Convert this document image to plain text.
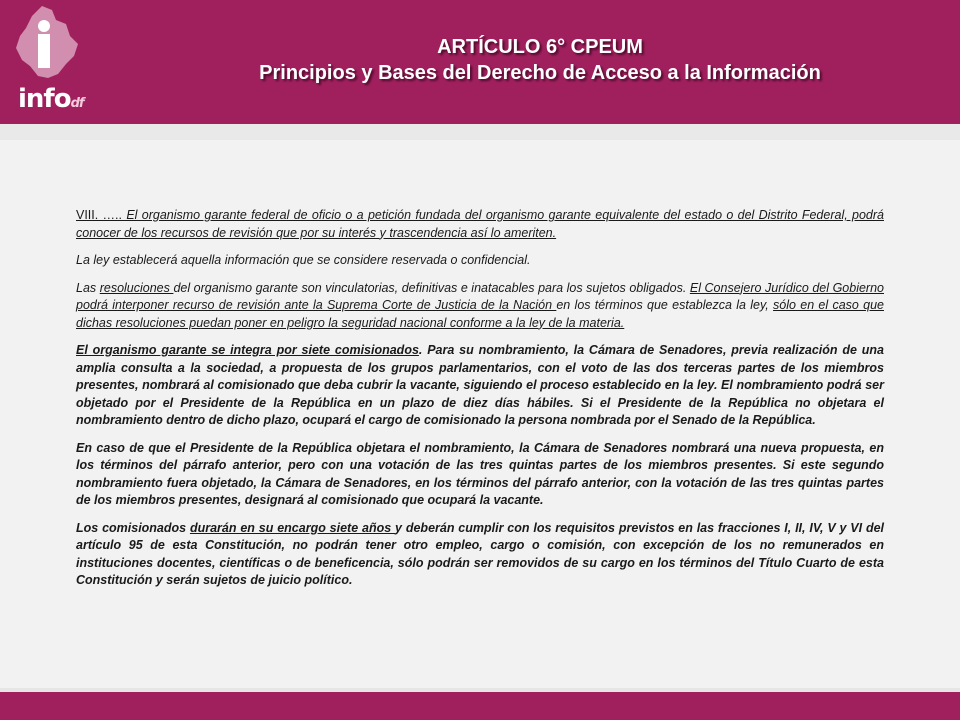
infodf
ARTÍCULO 6° CPEUM
Principios y Bases del Derecho de Acceso a la Información

VIII. ….. El organismo garante federal de oficio o a petición fundada del organismo garante equivalente del estado o del Distrito Federal, podrá conocer de los recursos de revisión que por su interés y trascendencia así lo ameriten.

La ley establecerá aquella información que se considere reservada o confidencial.

Las resoluciones del organismo garante son vinculatorias, definitivas e inatacables para los sujetos obligados. El Consejero Jurídico del Gobierno podrá interponer recurso de revisión ante la Suprema Corte de Justicia de la Nación en los términos que establezca la ley, sólo en el caso que dichas resoluciones puedan poner en peligro la seguridad nacional conforme a la ley de la materia.

El organismo garante se integra por siete comisionados. Para su nombramiento, la Cámara de Senadores, previa realización de una amplia consulta a la sociedad, a propuesta de los grupos parlamentarios, con el voto de las dos terceras partes de los miembros presentes, nombrará al comisionado que deba cubrir la vacante, siguiendo el proceso establecido en la ley. El nombramiento podrá ser objetado por el Presidente de la República en un plazo de diez días hábiles. Si el Presidente de la República no objetara el nombramiento dentro de dicho plazo, ocupará el cargo de comisionado la persona nombrada por el Senado de la República.

En caso de que el Presidente de la República objetara el nombramiento, la Cámara de Senadores nombrará una nueva propuesta, en los términos del párrafo anterior, pero con una votación de las tres quintas partes de los miembros presentes. Si este segundo nombramiento fuera objetado, la Cámara de Senadores, en los términos del párrafo anterior, con la votación de las tres quintas partes de los miembros presentes, designará al comisionado que ocupará la vacante.

Los comisionados durarán en su encargo siete años y deberán cumplir con los requisitos previstos en las fracciones I, II, IV, V y VI del artículo 95 de esta Constitución, no podrán tener otro empleo, cargo o comisión, con excepción de los no remunerados en instituciones docentes, científicas o de beneficencia, sólo podrán ser removidos de su cargo en los términos del Título Cuarto de esta Constitución y serán sujetos de juicio político.
